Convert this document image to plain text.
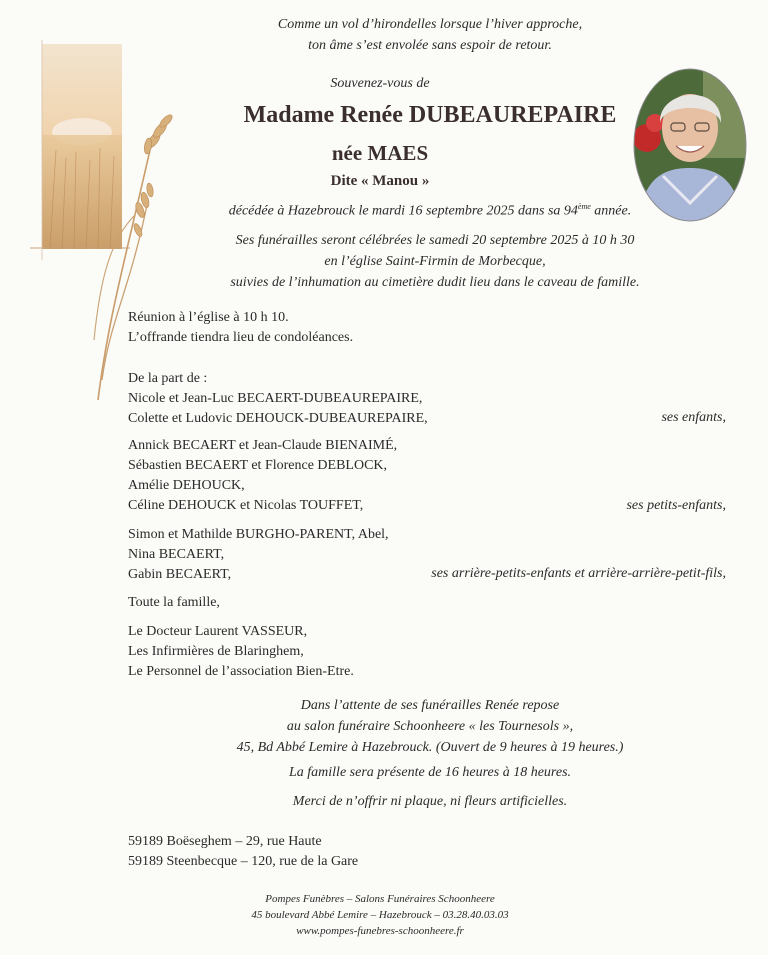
Comme un vol d’hirondelles lorsque l’hiver approche,
ton âme s’est envolée sans espoir de retour.
Souvenez-vous de
Madame Renée DUBEAUREPAIRE
née MAES
Dite « Manou »
décédée à Hazebrouck le mardi 16 septembre 2025 dans sa 94ème année.
Ses funérailles seront célébrées le samedi 20 septembre 2025 à 10 h 30
en l’église Saint-Firmin de Morbecque,
suivies de l’inhumation au cimetière dudit lieu dans le caveau de famille.
Réunion à l’église à 10 h 10.
L’offrande tiendra lieu de condoléances.
De la part de :
Nicole et Jean-Luc BECAERT-DUBEAUREPAIRE,
Colette et Ludovic DEHOUCK-DUBEAUREPAIRE,	ses enfants,
Annick BECAERT et Jean-Claude BIENAIMÉ,
Sébastien BECAERT et Florence DEBLOCK,
Amélie DEHOUCK,
Céline DEHOUCK et Nicolas TOUFFET,	ses petits-enfants,
Simon et Mathilde BURGHO-PARENT, Abel,
Nina BECAERT,
Gabin BECAERT,	ses arrière-petits-enfants et arrière-arrière-petit-fils,
Toute la famille,
Le Docteur Laurent VASSEUR,
Les Infirmières de Blaringhem,
Le Personnel de l’association Bien-Etre.
Dans l’attente de ses funérailles Renée repose
au salon funéraire Schoonheere « les Tournesols »,
45, Bd Abbé Lemire à Hazebrouck. (Ouvert de 9 heures à 19 heures.)
La famille sera présente de 16 heures à 18 heures.
Merci de n’offrir ni plaque, ni fleurs artificielles.
59189 Boëseghem – 29, rue Haute
59189 Steenbecque – 120, rue de la Gare
Pompes Funèbres – Salons Funéraires Schoonheere
45 boulevard Abbé Lemire – Hazebrouck – 03.28.40.03.03
www.pompes-funebres-schoonheere.fr
